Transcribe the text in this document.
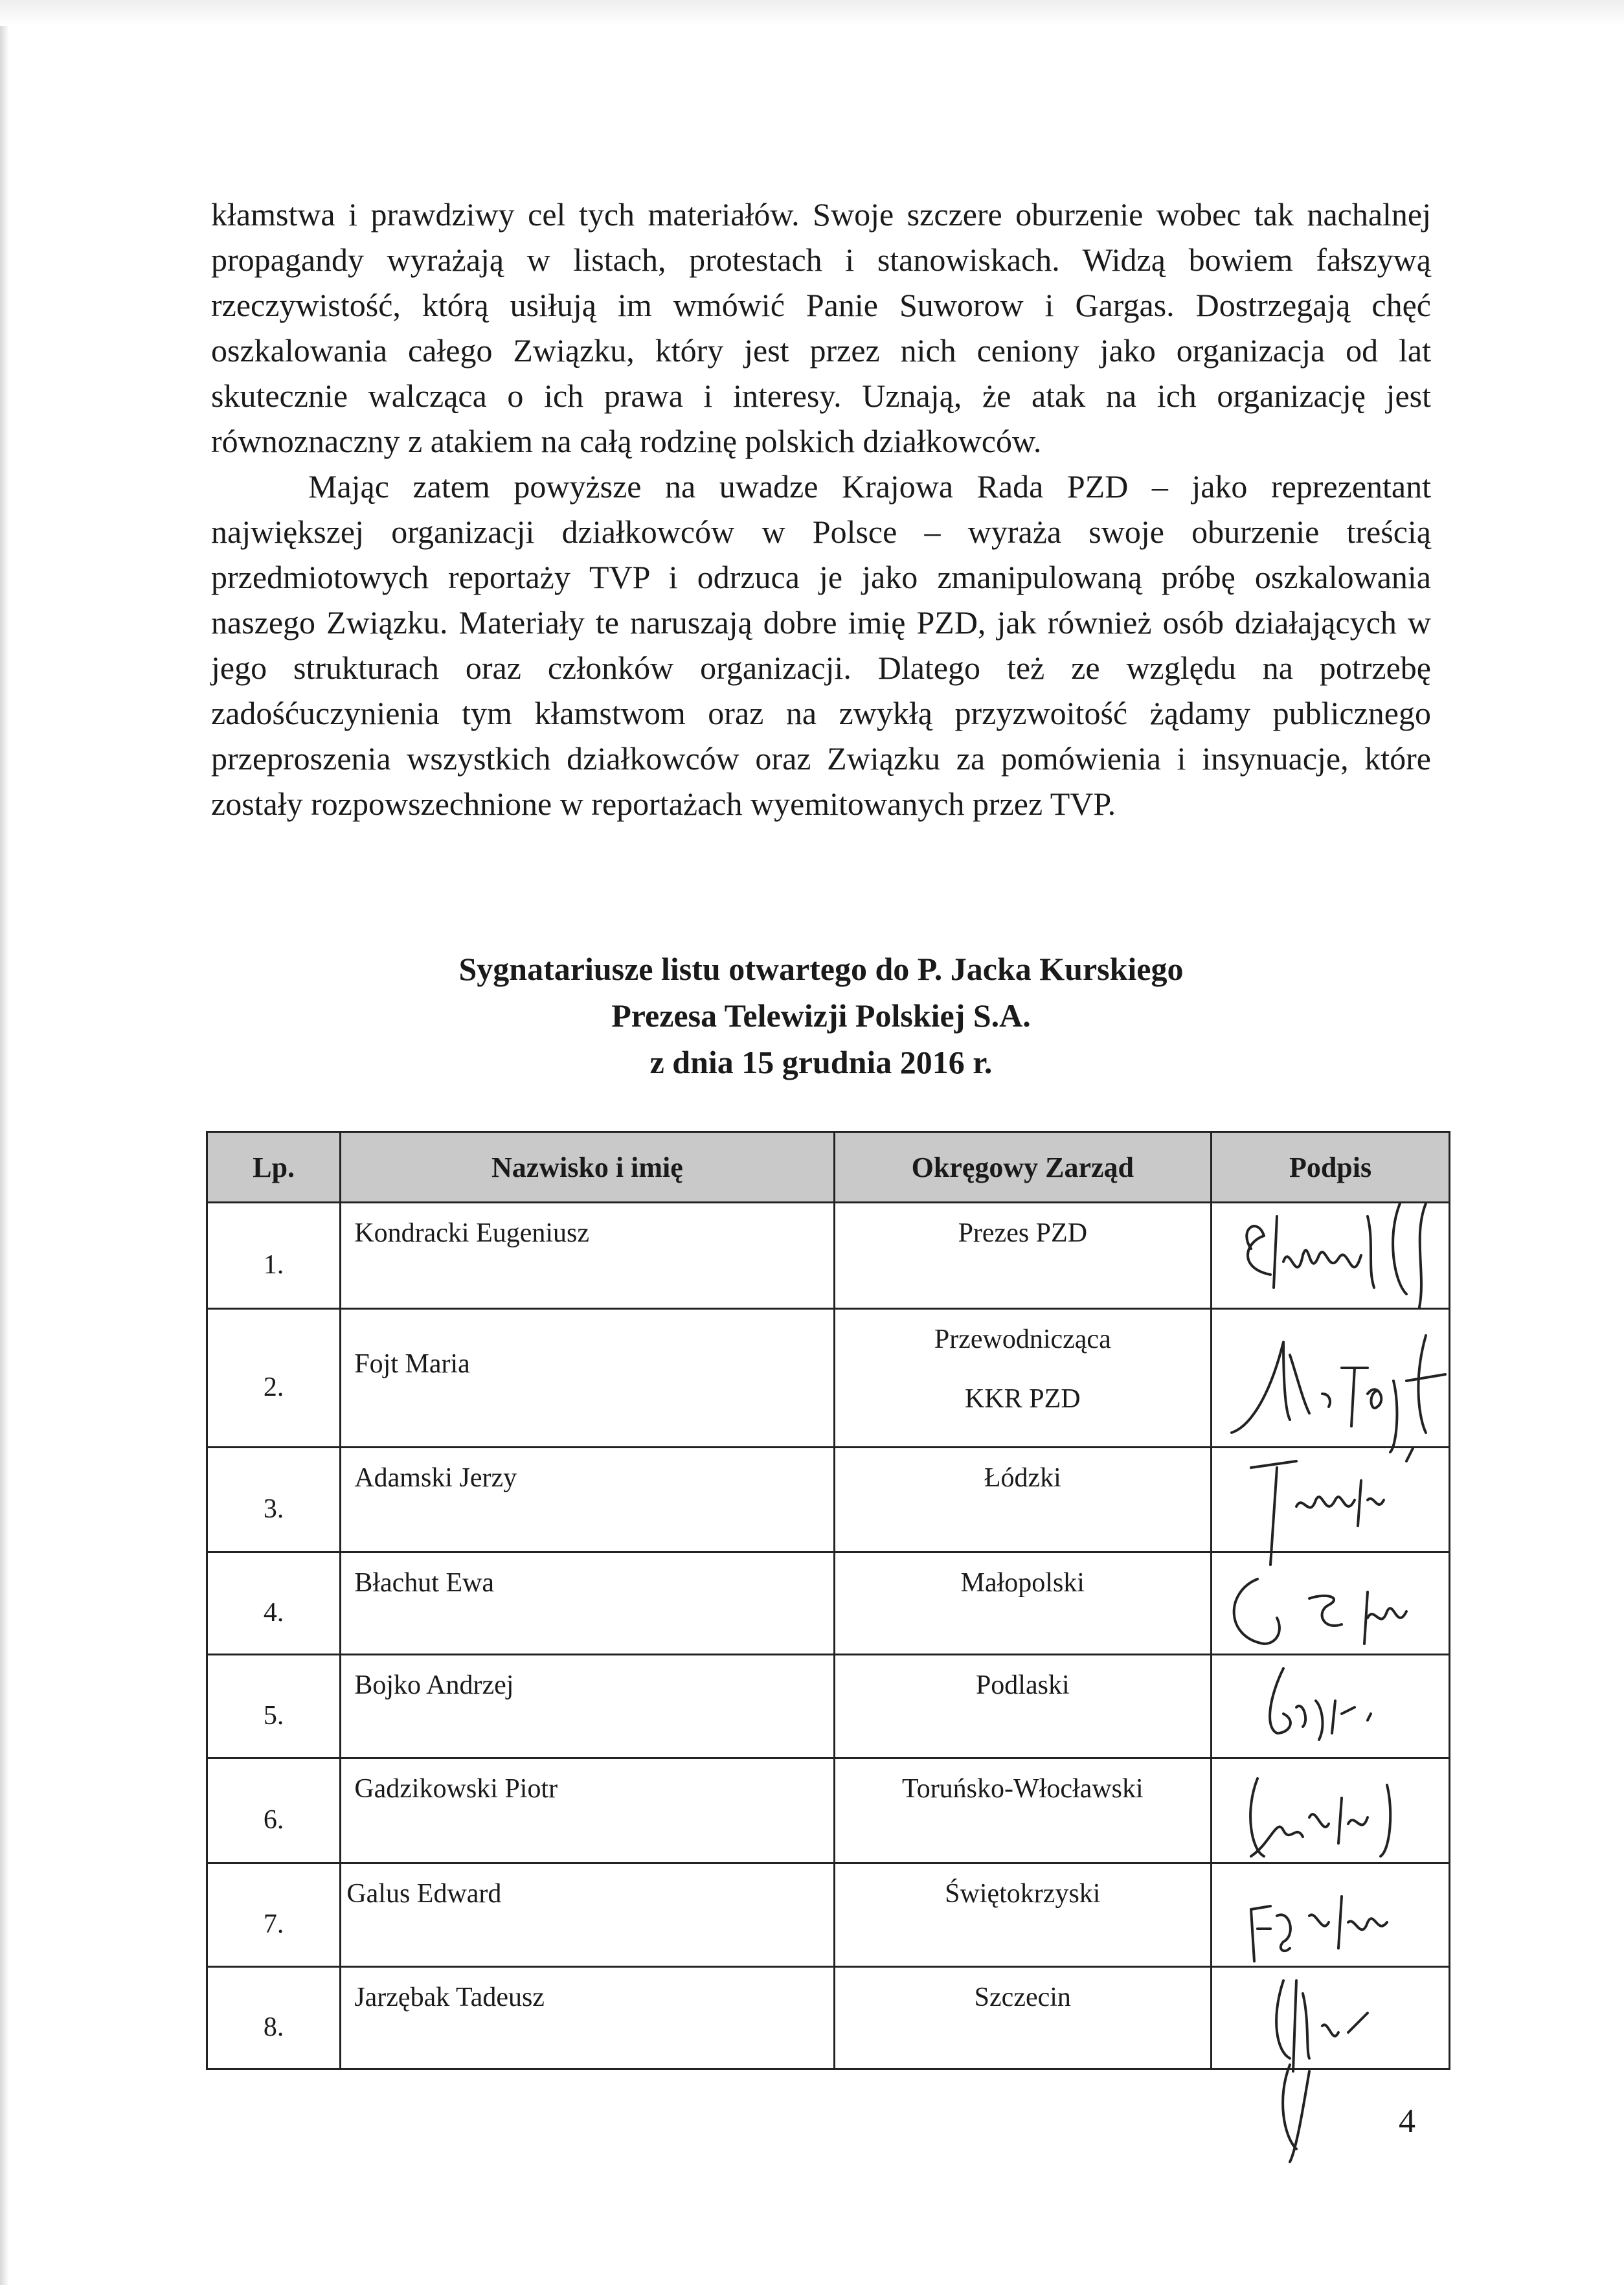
kłamstwa i prawdziwy cel tych materiałów. Swoje szczere oburzenie wobec tak nachalnej propagandy wyrażają w listach, protestach i stanowiskach. Widzą bowiem fałszywą rzeczywistość, którą usiłują im wmówić Panie Suworow i Gargas. Dostrzegają chęć oszkalowania całego Związku, który jest przez nich ceniony jako organizacja od lat skutecznie walcząca o ich prawa i interesy. Uznają, że atak na ich organizację jest równoznaczny z atakiem na całą rodzinę polskich działkowców.

Mając zatem powyższe na uwadze Krajowa Rada PZD – jako reprezentant największej organizacji działkowców w Polsce – wyraża swoje oburzenie treścią przedmiotowych reportaży TVP i odrzuca je jako zmanipulowaną próbę oszkalowania naszego Związku. Materiały te naruszają dobre imię PZD, jak również osób działających w jego strukturach oraz członków organizacji. Dlatego też ze względu na potrzebę zadośćuczynienia tym kłamstwom oraz na zwykłą przyzwoitość żądamy publicznego przeproszenia wszystkich działkowców oraz Związku za pomówienia i insynuacje, które zostały rozpowszechnione w reportażach wyemitowanych przez TVP.

Sygnatariusze listu otwartego do P. Jacka Kurskiego
Prezesa Telewizji Polskiej S.A.
z dnia 15 grudnia 2016 r.
Lp.	Nazwisko i imię	Okręgowy Zarząd	Podpis
1.	Kondracki Eugeniusz	Prezes PZD	

2.	Fojt Maria	Przewodnicząca
KKR PZD

3.	Adamski Jerzy	Łódzki	

4.	Błachut Ewa	Małopolski	

5.	Bojko Andrzej	Podlaski	

6.	Gadzikowski Piotr	Toruńsko-Włocławski	

7.	Galus Edward	Świętokrzyski	

8.	Jarzębak Tadeusz	Szczecin	
4
